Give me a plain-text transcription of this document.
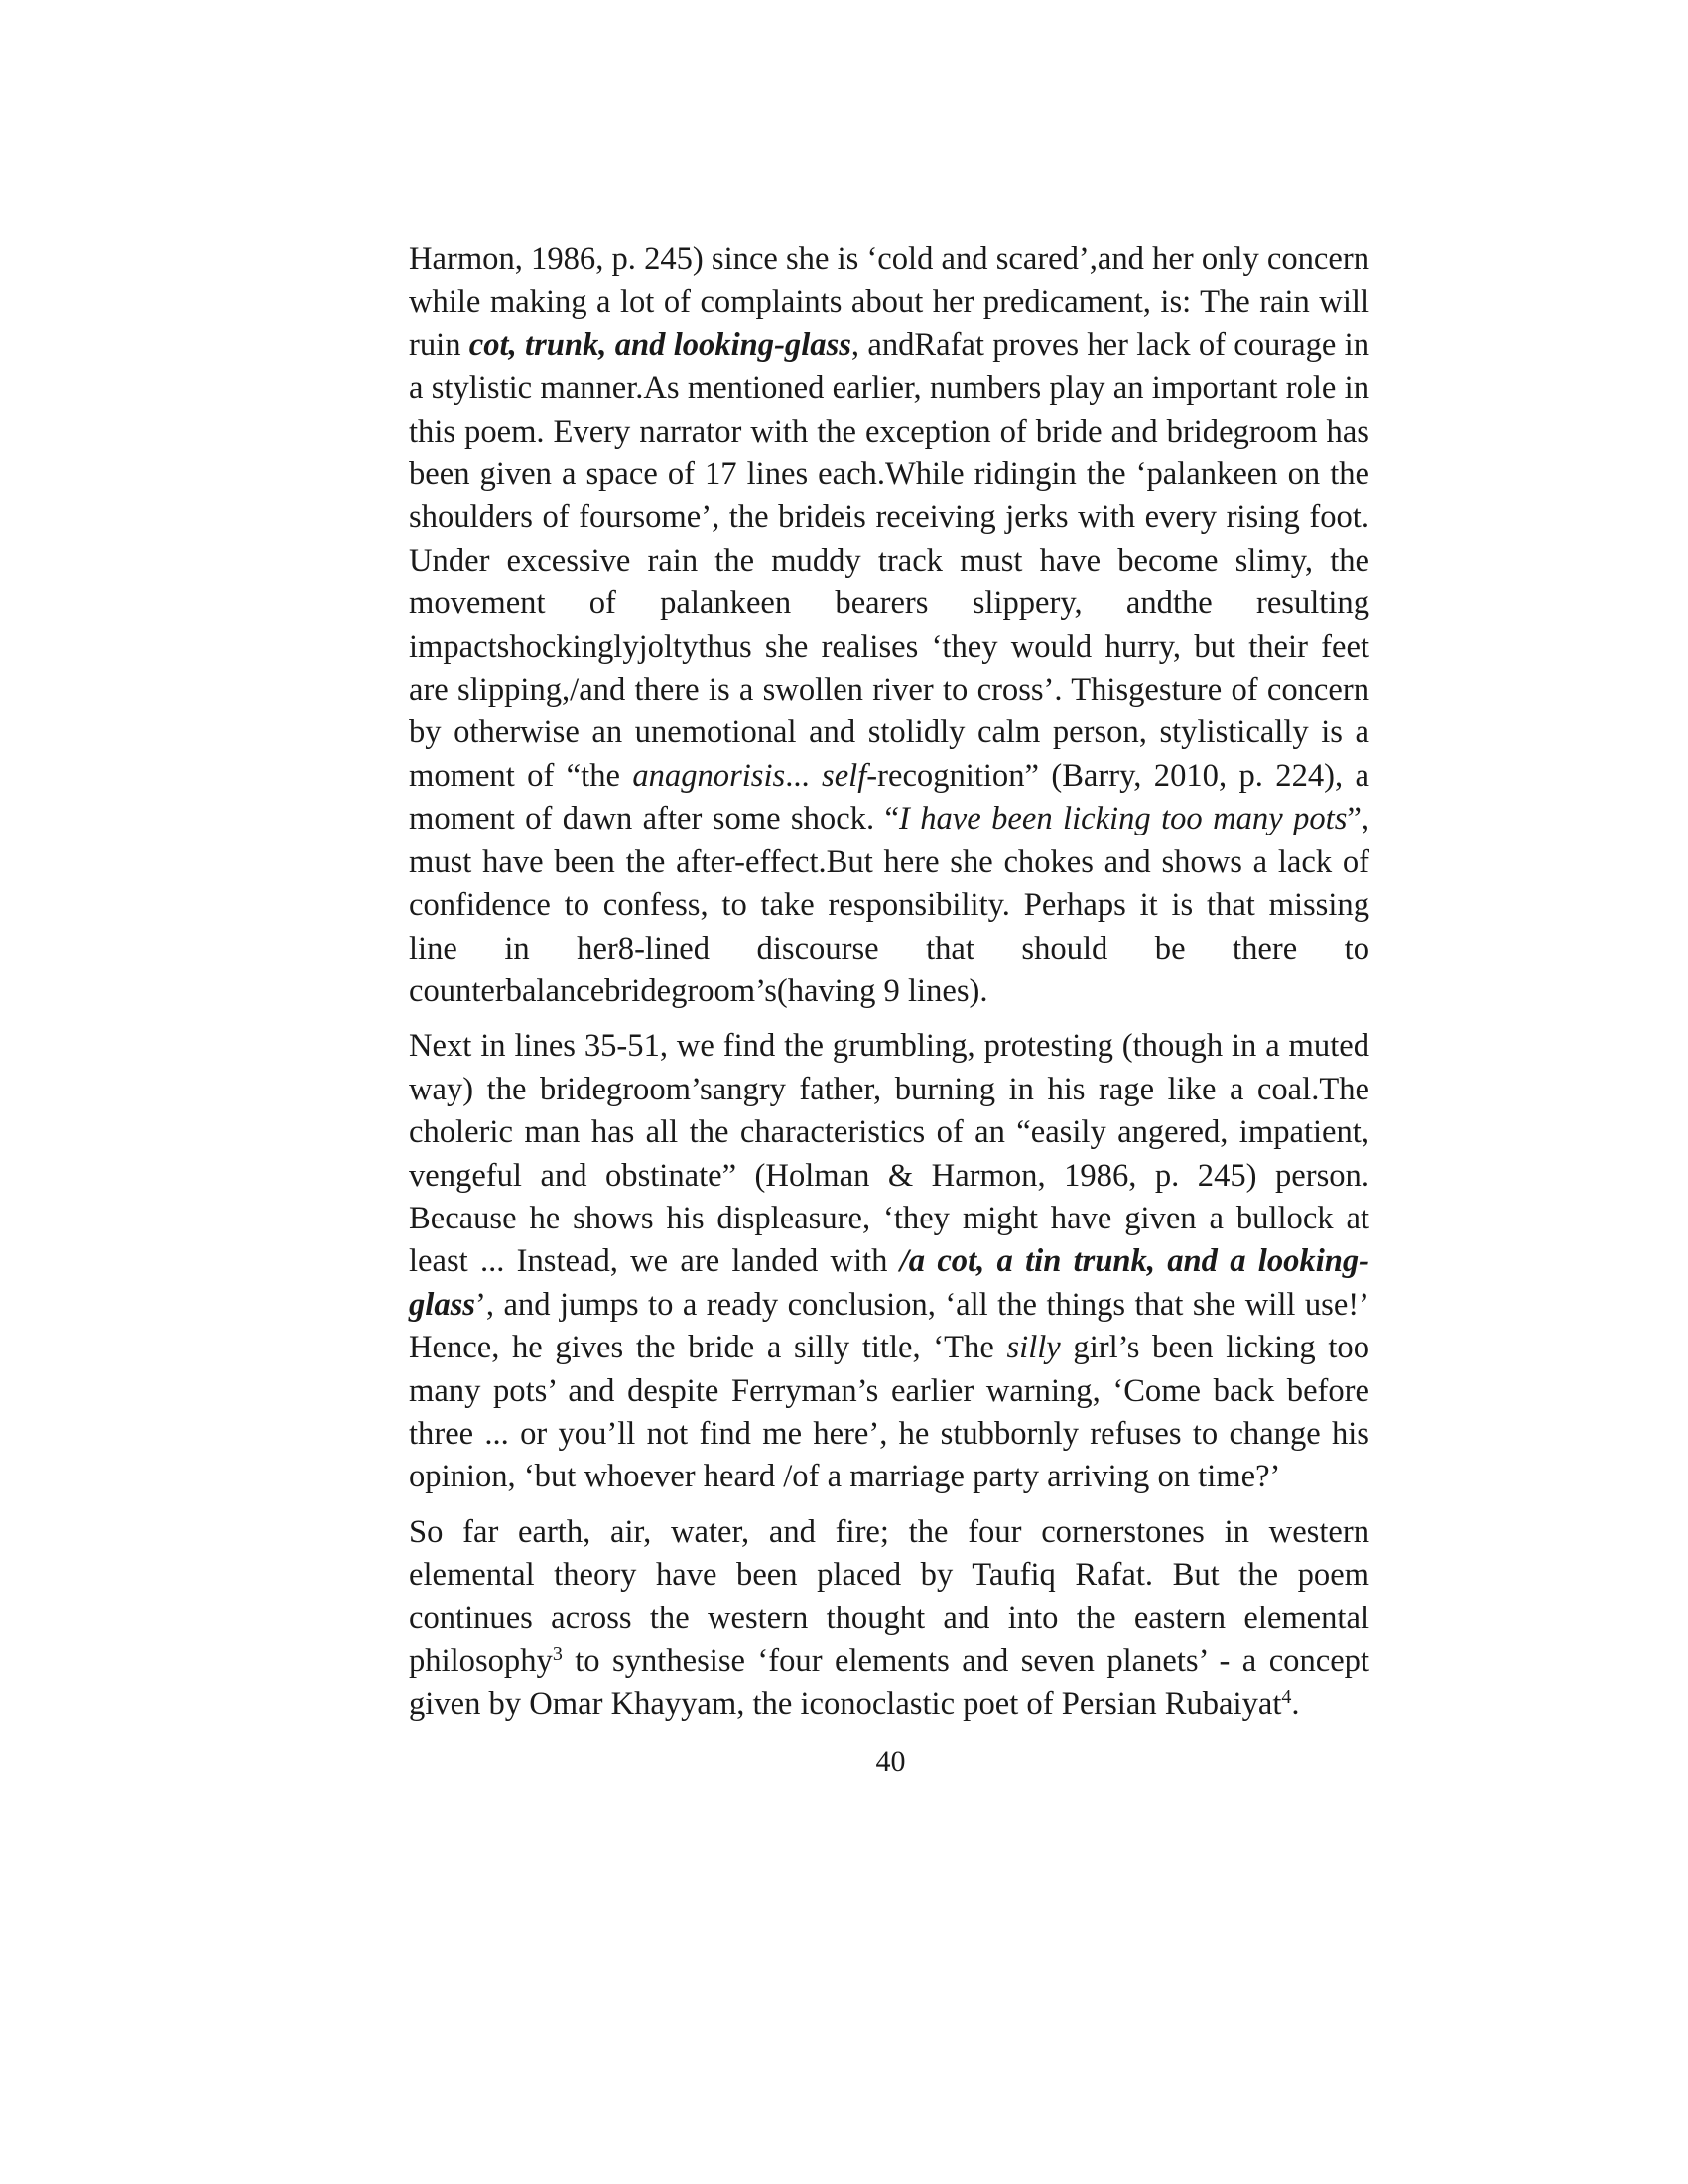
Harmon, 1986, p. 245) since she is ‘cold and scared’,and her only concern while making a lot of complaints about her predicament, is: The rain will ruin cot, trunk, and looking-glass, andRafat proves her lack of courage in a stylistic manner.As mentioned earlier, numbers play an important role in this poem. Every narrator with the exception of bride and bridegroom has been given a space of 17 lines each.While ridingin the ‘palankeen on the shoulders of foursome’, the brideis receiving jerks with every rising foot. Under excessive rain the muddy track must have become slimy, the movement of palankeen bearers slippery, andthe resulting impactshockinglyjoltythus she realises ‘they would hurry, but their feet are slipping,/and there is a swollen river to cross’. Thisgesture of concern by otherwise an unemotional and stolidly calm person, stylistically is a moment of “the anagnorisis... self-recognition” (Barry, 2010, p. 224), a moment of dawn after some shock. “I have been licking too many pots”, must have been the after-effect.But here she chokes and shows a lack of confidence to confess, to take responsibility. Perhaps it is that missing line in her8-lined discourse that should be there to counterbalancebridegroom’s(having 9 lines).

Next in lines 35-51, we find the grumbling, protesting (though in a muted way) the bridegroom’sangry father, burning in his rage like a coal.The choleric man has all the characteristics of an “easily angered, impatient, vengeful and obstinate” (Holman & Harmon, 1986, p. 245) person. Because he shows his displeasure, ‘they might have given a bullock at least ... Instead, we are landed with /a cot, a tin trunk, and a looking-glass’, and jumps to a ready conclusion, ‘all the things that she will use!’ Hence, he gives the bride a silly title, ‘The silly girl’s been licking too many pots’ and despite Ferryman’s earlier warning, ‘Come back before three ... or you’ll not find me here’, he stubbornly refuses to change his opinion, ‘but whoever heard /of a marriage party arriving on time?’

So far earth, air, water, and fire; the four cornerstones in western elemental theory have been placed by Taufiq Rafat. But the poem continues across the western thought and into the eastern elemental philosophy$^3$ to synthesise ‘four elements and seven planets’ - a concept given by Omar Khayyam, the iconoclastic poet of Persian Rubaiyat$^4$.

40
